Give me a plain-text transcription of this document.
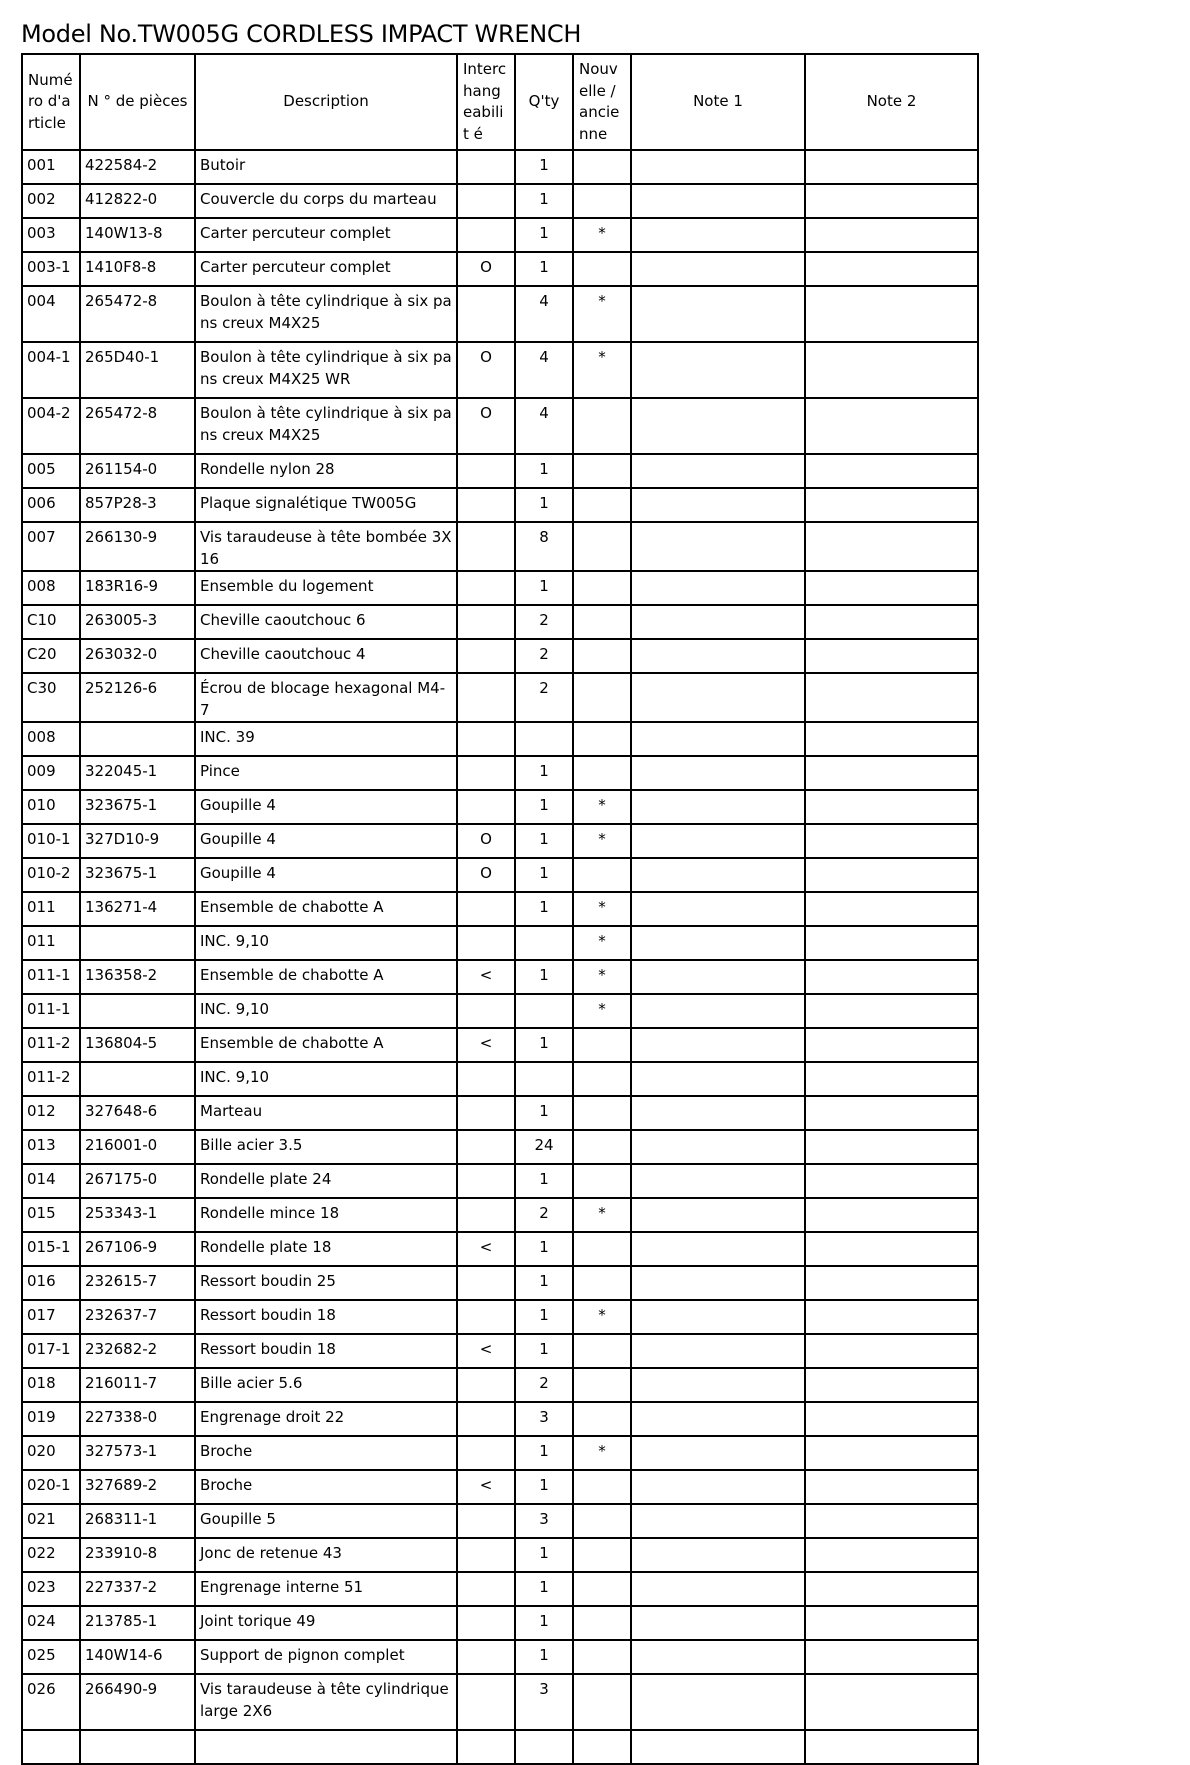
Model No.TW005G CORDLESS IMPACT WRENCH
Numé ro d'a rticle	N ° de pièces	Description	Interc hang eabilit é	Q'ty	Nouv elle / ancie nne	Note 1	Note 2
001	422584-2	Butoir		1			
002	412822-0	Couvercle du corps du marteau		1			
003	140W13-8	Carter percuteur complet		1	*		
003-1	1410F8-8	Carter percuteur complet	O	1			
004	265472-8	Boulon à tête cylindrique à six pans creux M4X25		4	*		
004-1	265D40-1	Boulon à tête cylindrique à six pans creux M4X25 WR	O	4	*		
004-2	265472-8	Boulon à tête cylindrique à six pans creux M4X25	O	4			
005	261154-0	Rondelle nylon 28		1			
006	857P28-3	Plaque signalétique TW005G		1			
007	266130-9	Vis taraudeuse à tête bombée 3X16		8			
008	183R16-9	Ensemble du logement		1			
C10	263005-3	Cheville caoutchouc 6		2			
C20	263032-0	Cheville caoutchouc 4		2			
C30	252126-6	Écrou de blocage hexagonal M4-7		2			
008		INC. 39					
009	322045-1	Pince		1			
010	323675-1	Goupille 4		1	*		
010-1	327D10-9	Goupille 4	O	1	*		
010-2	323675-1	Goupille 4	O	1			
011	136271-4	Ensemble de chabotte A		1	*		
011		INC. 9,10			*		
011-1	136358-2	Ensemble de chabotte A	<	1	*		
011-1		INC. 9,10			*		
011-2	136804-5	Ensemble de chabotte A	<	1			
011-2		INC. 9,10					
012	327648-6	Marteau		1			
013	216001-0	Bille acier 3.5		24			
014	267175-0	Rondelle plate 24		1			
015	253343-1	Rondelle mince 18		2	*		
015-1	267106-9	Rondelle plate 18	<	1			
016	232615-7	Ressort boudin 25		1			
017	232637-7	Ressort boudin 18		1	*		
017-1	232682-2	Ressort boudin 18	<	1			
018	216011-7	Bille acier 5.6		2			
019	227338-0	Engrenage droit 22		3			
020	327573-1	Broche		1	*		
020-1	327689-2	Broche	<	1			
021	268311-1	Goupille 5		3			
022	233910-8	Jonc de retenue 43		1			
023	227337-2	Engrenage interne 51		1			
024	213785-1	Joint torique 49		1			
025	140W14-6	Support de pignon complet		1			
026	266490-9	Vis taraudeuse à tête cylindrique large 2X6		3			
